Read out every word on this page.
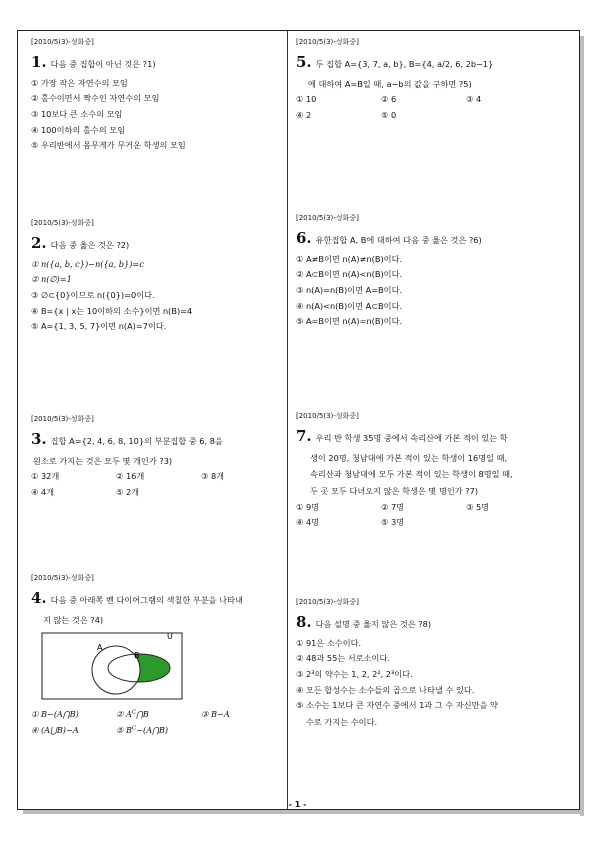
[2010/5(3)-성화중]
1. 다음 중 집합이 아닌 것은 ?1)
① 가장 작은 자연수의 모임
② 홀수이면서 짝수인 자연수의 모임
③ 10보다 큰 소수의 모임
④ 100이하의 홀수의 모임
⑤ 우리반에서 몸무게가 무거운 학생의 모임
[2010/5(3)-성화중]
2. 다음 중 옳은 것은 ?2)
① n({a, b, c})−n({a, b})=c
② n(∅)=1
③ ∅⊂{0}이므로 n({0})=0이다.
④ B={x | x는 10이하의 소수}이면 n(B)=4
⑤ A={1, 3, 5, 7}이면 n(A)=7이다.
[2010/5(3)-성화중]
3. 집합 A={2, 4, 6, 8, 10}의 부분집합 중 6, 8을
원소로 가지는 것은 모두 몇 개인가 ?3)
① 32개	② 16개	③ 8개
④ 4개	⑤ 2개
[2010/5(3)-성화중]
4. 다음 중 아래쪽 벤 다이어그램의 색칠한 부분을 나타내
지 않는 것은 ?4)
U
A
B
① B−(A⋂B)	② $A^C⋂B$	③ B−A
④ (A⋃B)−A	⑤ $B^C-(A⋂B)$
[2010/5(3)-성화중]
5. 두 집합 A={3, 7, a, b}, B={4, a/2, 6, 2b−1}
에 대하여 A=B일 때, a−b의 값을 구하면 ?5)
① 10	② 6	③ 4
④ 2	⑤ 0
[2010/5(3)-성화중]
6. 유한집합 A, B에 대하여 다음 중 옳은 것은 ?6)
① A≠B이면 n(A)≠n(B)이다.
② A⊂B이면 n(A)<n(B)이다.
③ n(A)=n(B)이면 A=B이다.
④ n(A)<n(B)이면 A⊂B이다.
⑤ A=B이면 n(A)=n(B)이다.
[2010/5(3)-성화중]
7. 우리 반 학생 35명 중에서 속리산에 가본 적이 있는 학
생이 20명, 청남대에 가본 적이 있는 학생이 16명일 때,
속리산과 청남대에 모두 가본 적이 있는 학생이 8명일 때,
두 곳 모두 다녀오지 않은 학생은 몇 명인가 ?7)
① 9명	② 7명	③ 5명
④ 4명	⑤ 3명
[2010/5(3)-성화중]
8. 다음 설명 중 옳지 않은 것은 ?8)
① 91은 소수이다.
② 48과 55는 서로소이다.
③ 2³의 약수는 1, 2, 2², 2³이다.
④ 모든 합성수는 소수들의 곱으로 나타낼 수 있다.
⑤ 소수는 1보다 큰 자연수 중에서 1과 그 수 자신만을 약
수로 가지는 수이다.
- 1 -
